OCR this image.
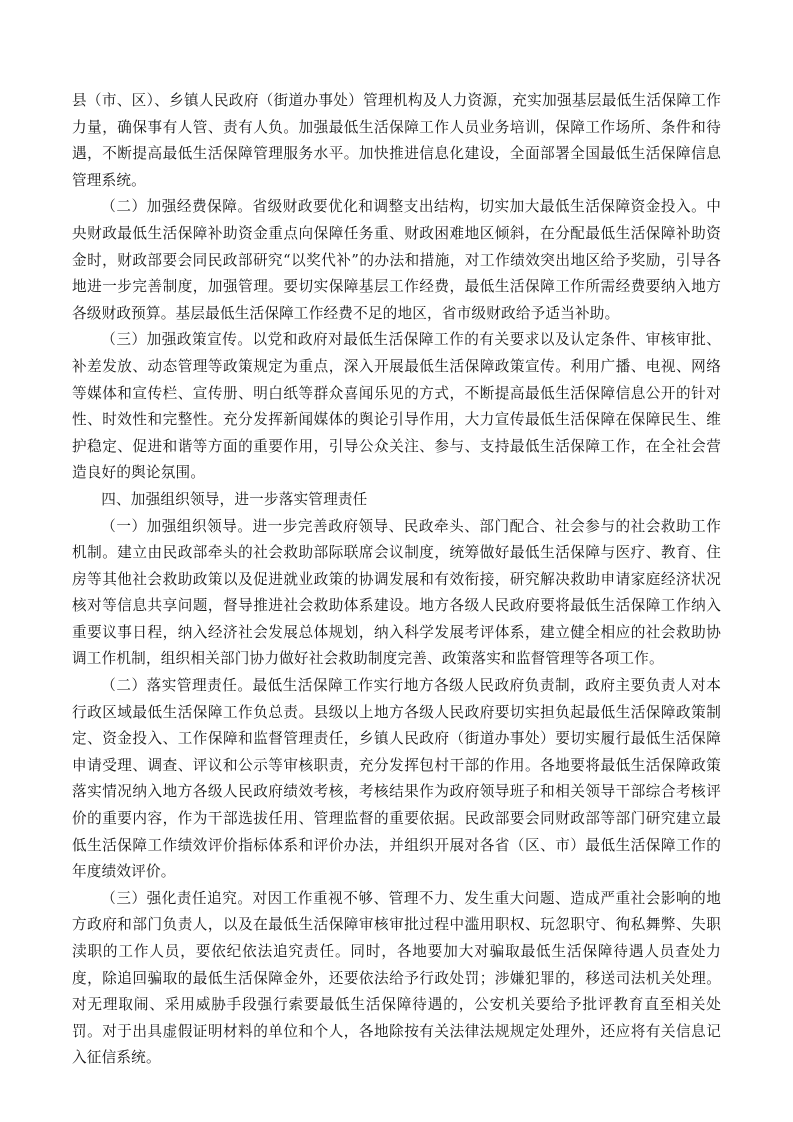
县（市、区）、乡镇人民政府（街道办事处）管理机构及人力资源，充实加强基层最低生活保障工作力量，确保事有人管、责有人负。加强最低生活保障工作人员业务培训，保障工作场所、条件和待遇，不断提高最低生活保障管理服务水平。加快推进信息化建设，全面部署全国最低生活保障信息管理系统。

（二）加强经费保障。省级财政要优化和调整支出结构，切实加大最低生活保障资金投入。中央财政最低生活保障补助资金重点向保障任务重、财政困难地区倾斜，在分配最低生活保障补助资金时，财政部要会同民政部研究“以奖代补”的办法和措施，对工作绩效突出地区给予奖励，引导各地进一步完善制度，加强管理。要切实保障基层工作经费，最低生活保障工作所需经费要纳入地方各级财政预算。基层最低生活保障工作经费不足的地区，省市级财政给予适当补助。

（三）加强政策宣传。以党和政府对最低生活保障工作的有关要求以及认定条件、审核审批、补差发放、动态管理等政策规定为重点，深入开展最低生活保障政策宣传。利用广播、电视、网络等媒体和宣传栏、宣传册、明白纸等群众喜闻乐见的方式，不断提高最低生活保障信息公开的针对性、时效性和完整性。充分发挥新闻媒体的舆论引导作用，大力宣传最低生活保障在保障民生、维护稳定、促进和谐等方面的重要作用，引导公众关注、参与、支持最低生活保障工作，在全社会营造良好的舆论氛围。

四、加强组织领导，进一步落实管理责任

（一）加强组织领导。进一步完善政府领导、民政牵头、部门配合、社会参与的社会救助工作机制。建立由民政部牵头的社会救助部际联席会议制度，统筹做好最低生活保障与医疗、教育、住房等其他社会救助政策以及促进就业政策的协调发展和有效衔接，研究解决救助申请家庭经济状况核对等信息共享问题，督导推进社会救助体系建设。地方各级人民政府要将最低生活保障工作纳入重要议事日程，纳入经济社会发展总体规划，纳入科学发展考评体系，建立健全相应的社会救助协调工作机制，组织相关部门协力做好社会救助制度完善、政策落实和监督管理等各项工作。

（二）落实管理责任。最低生活保障工作实行地方各级人民政府负责制，政府主要负责人对本行政区域最低生活保障工作负总责。县级以上地方各级人民政府要切实担负起最低生活保障政策制定、资金投入、工作保障和监督管理责任，乡镇人民政府（街道办事处）要切实履行最低生活保障申请受理、调查、评议和公示等审核职责，充分发挥包村干部的作用。各地要将最低生活保障政策落实情况纳入地方各级人民政府绩效考核，考核结果作为政府领导班子和相关领导干部综合考核评价的重要内容，作为干部选拔任用、管理监督的重要依据。民政部要会同财政部等部门研究建立最低生活保障工作绩效评价指标体系和评价办法，并组织开展对各省（区、市）最低生活保障工作的年度绩效评价。

（三）强化责任追究。对因工作重视不够、管理不力、发生重大问题、造成严重社会影响的地方政府和部门负责人，以及在最低生活保障审核审批过程中滥用职权、玩忽职守、徇私舞弊、失职渎职的工作人员，要依纪依法追究责任。同时，各地要加大对骗取最低生活保障待遇人员查处力度，除追回骗取的最低生活保障金外，还要依法给予行政处罚；涉嫌犯罪的，移送司法机关处理。对无理取闹、采用威胁手段强行索要最低生活保障待遇的，公安机关要给予批评教育直至相关处罚。对于出具虚假证明材料的单位和个人，各地除按有关法律法规规定处理外，还应将有关信息记入征信系统。
